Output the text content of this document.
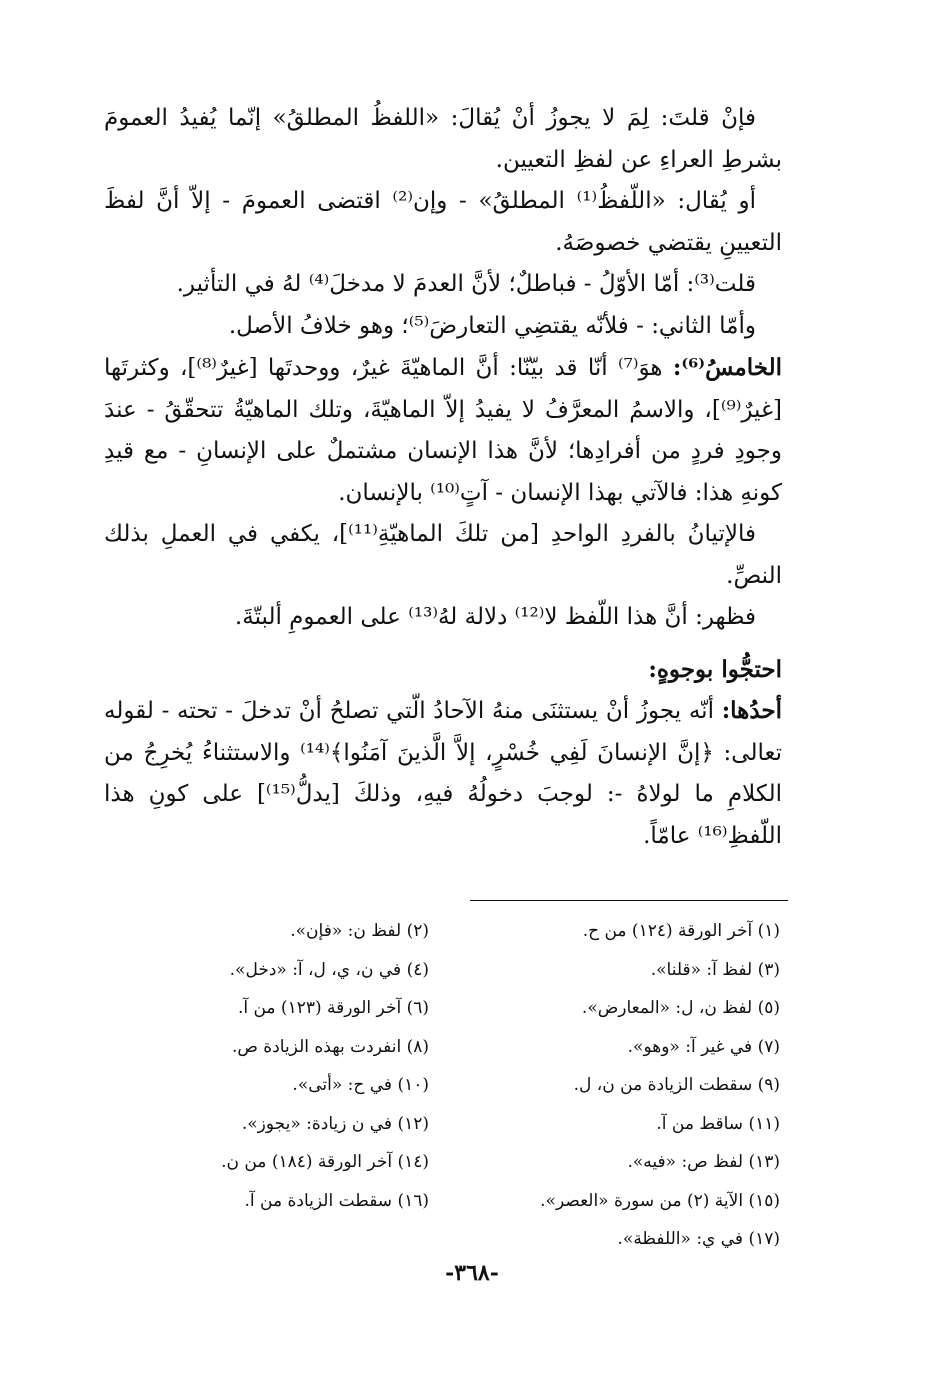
فإنْ قلتَ: لِمَ لا يجوزُ أنْ يُقالَ: «اللفظُ المطلقُ» إنّما يُفيدُ العمومَ بشرطِ العراءِ عن لفظِ التعيين.

أو يُقال: «اللّفظُ⁽¹⁾ المطلقُ» - وإن⁽²⁾ اقتضى العمومَ - إلاّ أنَّ لفظَ التعيينِ يقتضي خصوصَهُ.

قلت⁽³⁾: أمّا الأوّلُ - فباطلٌ؛ لأنَّ العدمَ لا مدخلَ⁽⁴⁾ لهُ في التأثير.

وأمّا الثاني: - فلأنّه يقتضِي التعارضَ⁽⁵⁾؛ وهو خلافُ الأصل.

الخامسُ⁽⁶⁾: هوَ⁽⁷⁾ أنّا قد بيّنّا: أنَّ الماهيّةَ غيرٌ، ووحدتَها [غيرٌ⁽⁸⁾]، وكثرتَها [غيرٌ⁽⁹⁾]، والاسمُ المعرَّفُ لا يفيدُ إلاّ الماهيّةَ، وتلك الماهيّةُ تتحقّقُ - عندَ وجودِ فردٍ من أفرادِها؛ لأنَّ هذا الإنسان مشتملٌ على الإنسانِ - مع قيدِ كونهِ هذا: فالآتي بهذا الإنسان - آتٍ⁽¹⁰⁾ بالإنسان.

فالإتيانُ بالفردِ الواحدِ [من تلكَ الماهيّةِ⁽¹¹⁾]، يكفي في العملِ بذلك النصِّ.

فظهر: أنَّ هذا اللّفظ لا⁽¹²⁾ دلالة لهُ⁽¹³⁾ على العمومِ ألبتّةَ.

احتجُّوا بوجوهٍ:

أحدُها: أنّه يجوزُ أنْ يستثنَى منهُ الآحادُ الّتي تصلحُ أنْ تدخلَ - تحته - لقوله تعالى: ﴿إنَّ الإنسانَ لَفِي خُسْرٍ، إلاَّ الَّذينَ آمَنُوا﴾⁽¹⁴⁾ والاستثناءُ يُخرِجُ من الكلامِ ما لولاهُ -: لوجبَ دخولُهُ فيهِ، وذلكَ [يدلُّ⁽¹⁵⁾] على كونِ هذا اللّفظِ⁽¹⁶⁾ عامّاً.

(١) آخر الورقة (١٢٤) من ح.
(٢) لفظ ن: «فإن».
(٣) لفظ آ: «قلنا».
(٤) في ن، ي، ل، آ: «دخل».
(٥) لفظ ن، ل: «المعارض».
(٦) آخر الورقة (١٢٣) من آ.
(٧) في غير آ: «وهو».
(٨) انفردت بهذه الزيادة ص.
(٩) سقطت الزيادة من ن، ل.
(١٠) في ح: «أتى».
(١١) ساقط من آ.
(١٢) في ن زيادة: «يجوز».
(١٣) لفظ ص: «فيه».
(١٤) آخر الورقة (١٨٤) من ن.
(١٥) الآية (٢) من سورة «العصر».
(١٦) سقطت الزيادة من آ.
(١٧) في ي: «اللفظة».
-٣٦٨-
